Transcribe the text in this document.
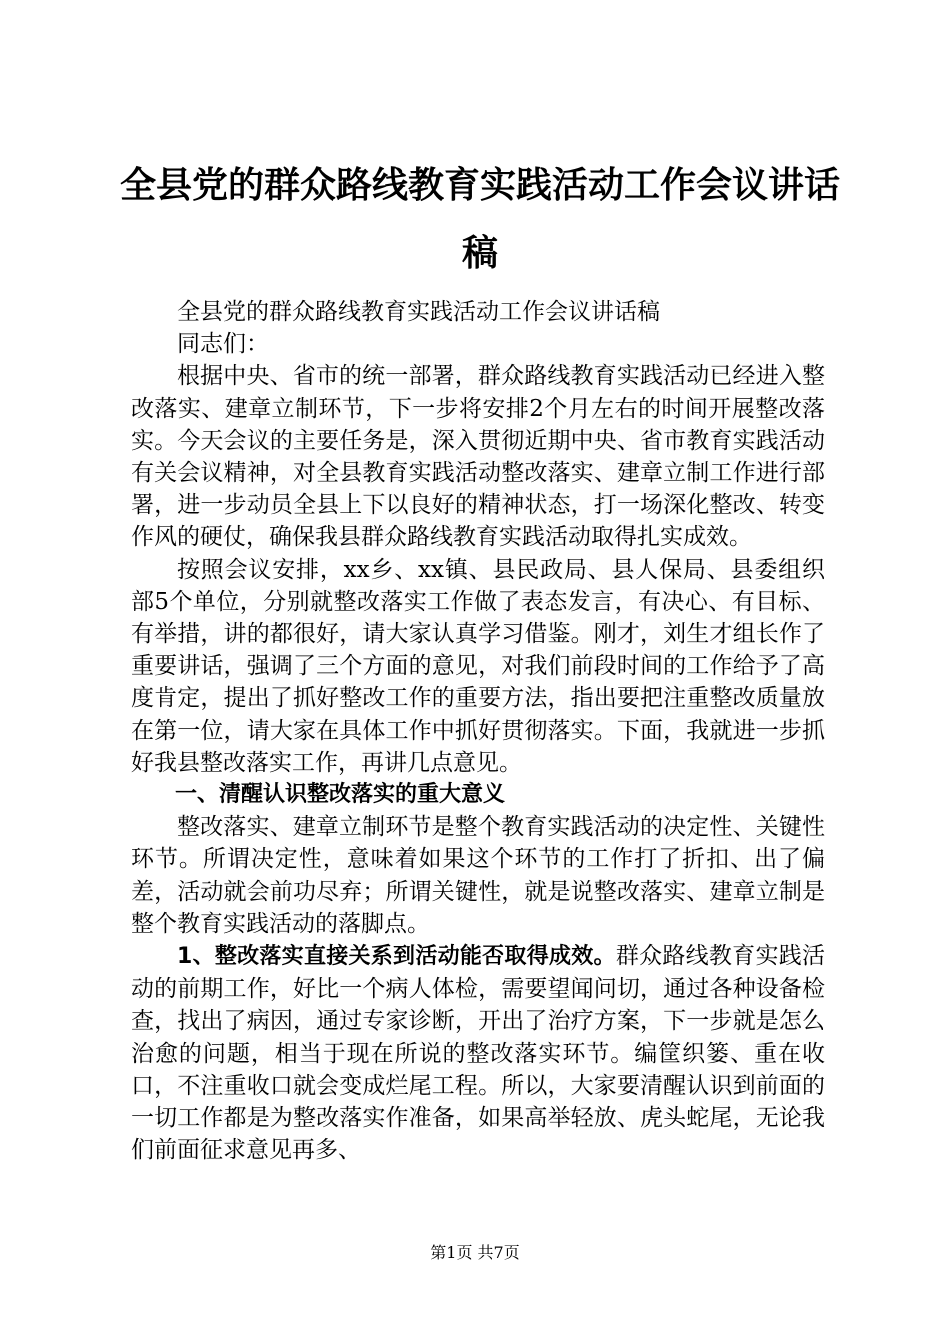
全县党的群众路线教育实践活动工作会议讲话稿

全县党的群众路线教育实践活动工作会议讲话稿

同志们：

根据中央、省市的统一部署，群众路线教育实践活动已经进入整改落实、建章立制环节，下一步将安排2个月左右的时间开展整改落实。今天会议的主要任务是，深入贯彻近期中央、省市教育实践活动有关会议精神，对全县教育实践活动整改落实、建章立制工作进行部署，进一步动员全县上下以良好的精神状态，打一场深化整改、转变作风的硬仗，确保我县群众路线教育实践活动取得扎实成效。

按照会议安排，xx乡、xx镇、县民政局、县人保局、县委组织部5个单位，分别就整改落实工作做了表态发言，有决心、有目标、有举措，讲的都很好，请大家认真学习借鉴。刚才，刘生才组长作了重要讲话，强调了三个方面的意见，对我们前段时间的工作给予了高度肯定，提出了抓好整改工作的重要方法，指出要把注重整改质量放在第一位，请大家在具体工作中抓好贯彻落实。下面，我就进一步抓好我县整改落实工作，再讲几点意见。

一、清醒认识整改落实的重大意义

整改落实、建章立制环节是整个教育实践活动的决定性、关键性环节。所谓决定性，意味着如果这个环节的工作打了折扣、出了偏差，活动就会前功尽弃；所谓关键性，就是说整改落实、建章立制是整个教育实践活动的落脚点。

1、整改落实直接关系到活动能否取得成效。群众路线教育实践活动的前期工作，好比一个病人体检，需要望闻问切，通过各种设备检查，找出了病因，通过专家诊断，开出了治疗方案，下一步就是怎么治愈的问题，相当于现在所说的整改落实环节。编筐织篓、重在收口，不注重收口就会变成烂尾工程。所以，大家要清醒认识到前面的一切工作都是为整改落实作准备，如果高举轻放、虎头蛇尾，无论我们前面征求意见再多、

第1页 共7页
